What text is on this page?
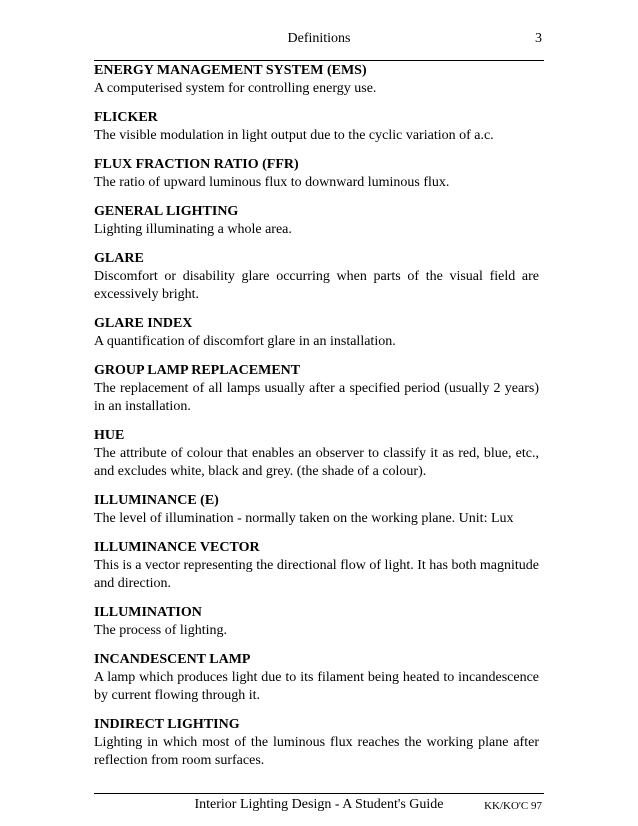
Definitions	3
ENERGY MANAGEMENT SYSTEM (EMS)
A computerised system for controlling energy use.
FLICKER
The visible modulation in light output due to the cyclic variation of a.c.
FLUX FRACTION RATIO (FFR)
The ratio of upward luminous flux to downward luminous flux.
GENERAL LIGHTING
Lighting illuminating a whole area.
GLARE
Discomfort or disability glare occurring when parts of the visual field are excessively bright.
GLARE INDEX
A quantification of discomfort glare in an installation.
GROUP LAMP REPLACEMENT
The replacement of all lamps usually after a specified period (usually 2 years) in an installation.
HUE
The attribute of colour that enables an observer to classify it as red, blue, etc., and excludes white, black and grey. (the shade of a colour).
ILLUMINANCE (E)
The level of illumination - normally taken on the working plane. Unit: Lux
ILLUMINANCE VECTOR
This is a vector representing the directional flow of light. It has both magnitude and direction.
ILLUMINATION
The process of lighting.
INCANDESCENT LAMP
A lamp which produces light due to its filament being heated to incandescence by current flowing through it.
INDIRECT LIGHTING
Lighting in which most of the luminous flux reaches the working plane after reflection from room surfaces.
Interior Lighting Design - A Student's Guide	KK/KO'C 97
